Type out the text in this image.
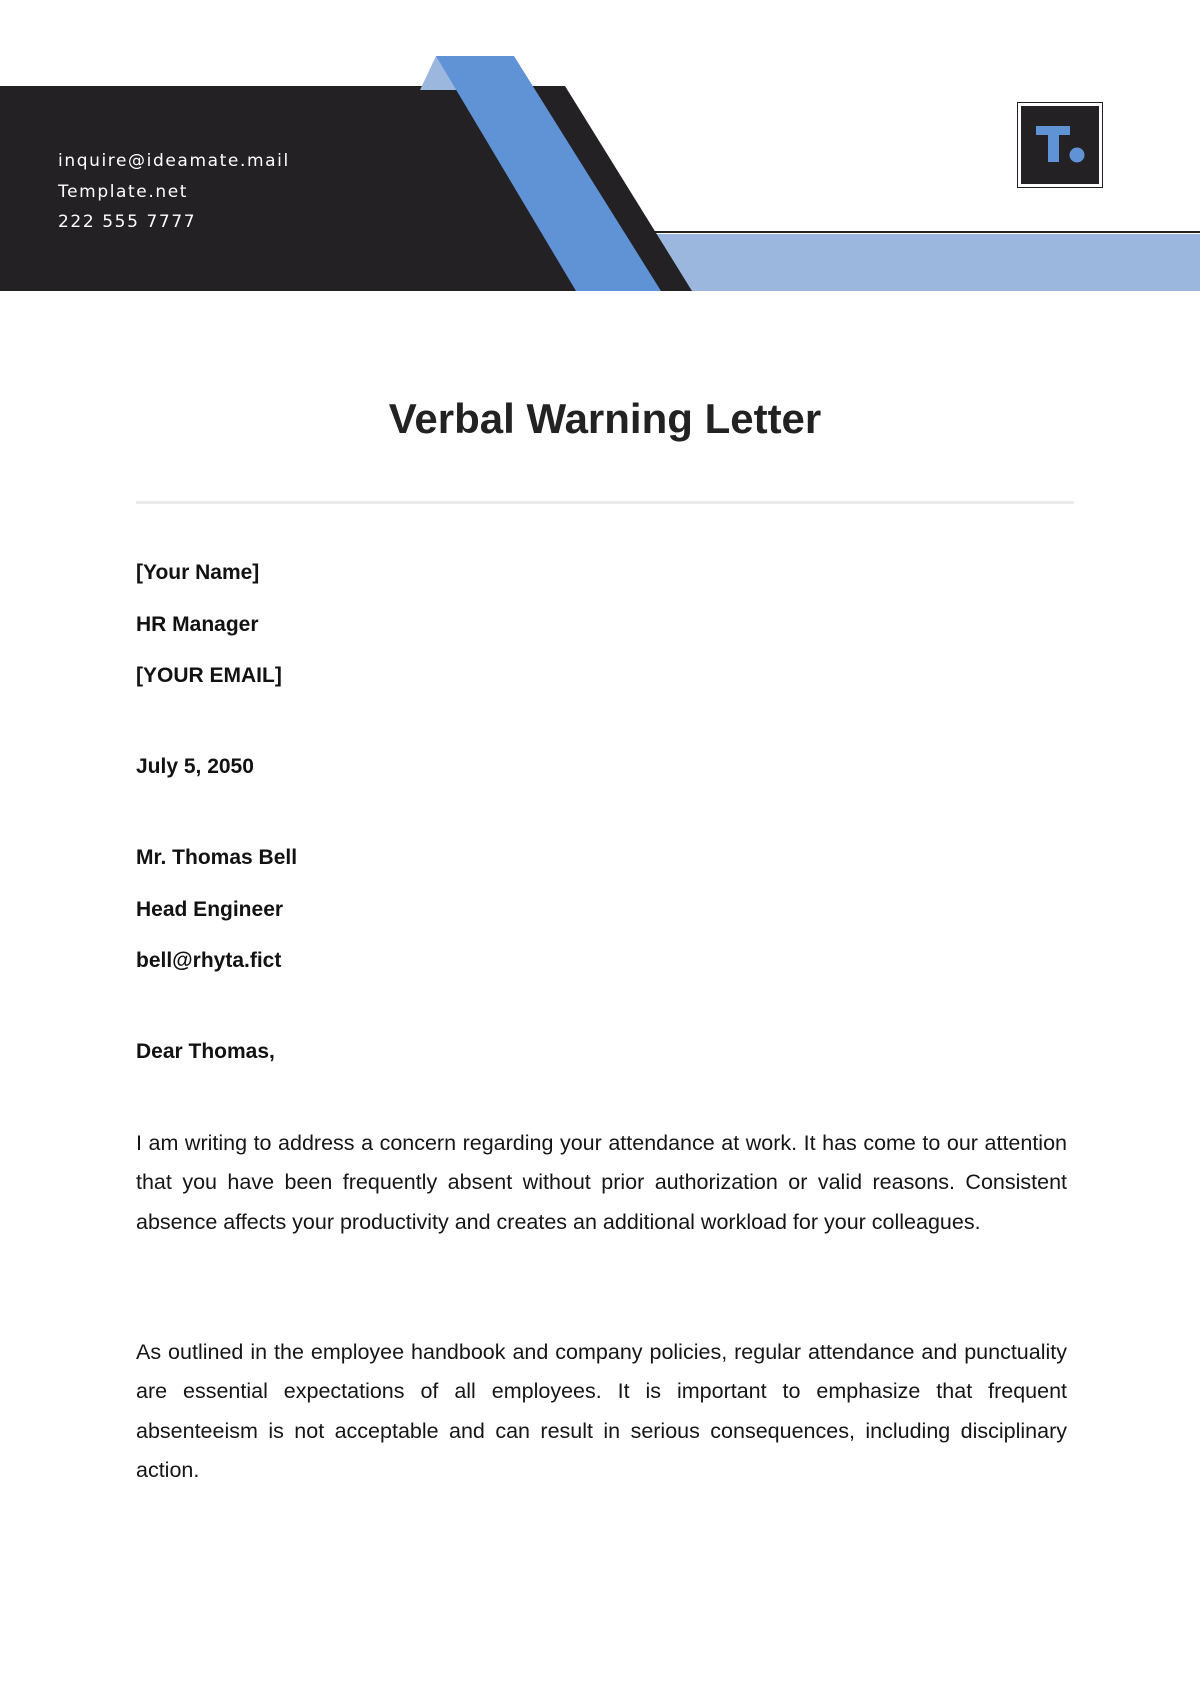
inquire@ideamate.mail
Template.net
222 555 7777
Verbal Warning Letter

[Your Name]

HR Manager

[YOUR EMAIL]

July 5, 2050

Mr. Thomas Bell

Head Engineer

bell@rhyta.fict

Dear Thomas,

I am writing to address a concern regarding your attendance at work. It has come to our attention that you have been frequently absent without prior authorization or valid reasons. Consistent absence affects your productivity and creates an additional workload for your colleagues.

As outlined in the employee handbook and company policies, regular attendance and punctuality are essential expectations of all employees. It is important to emphasize that frequent absenteeism is not acceptable and can result in serious consequences, including disciplinary action.
